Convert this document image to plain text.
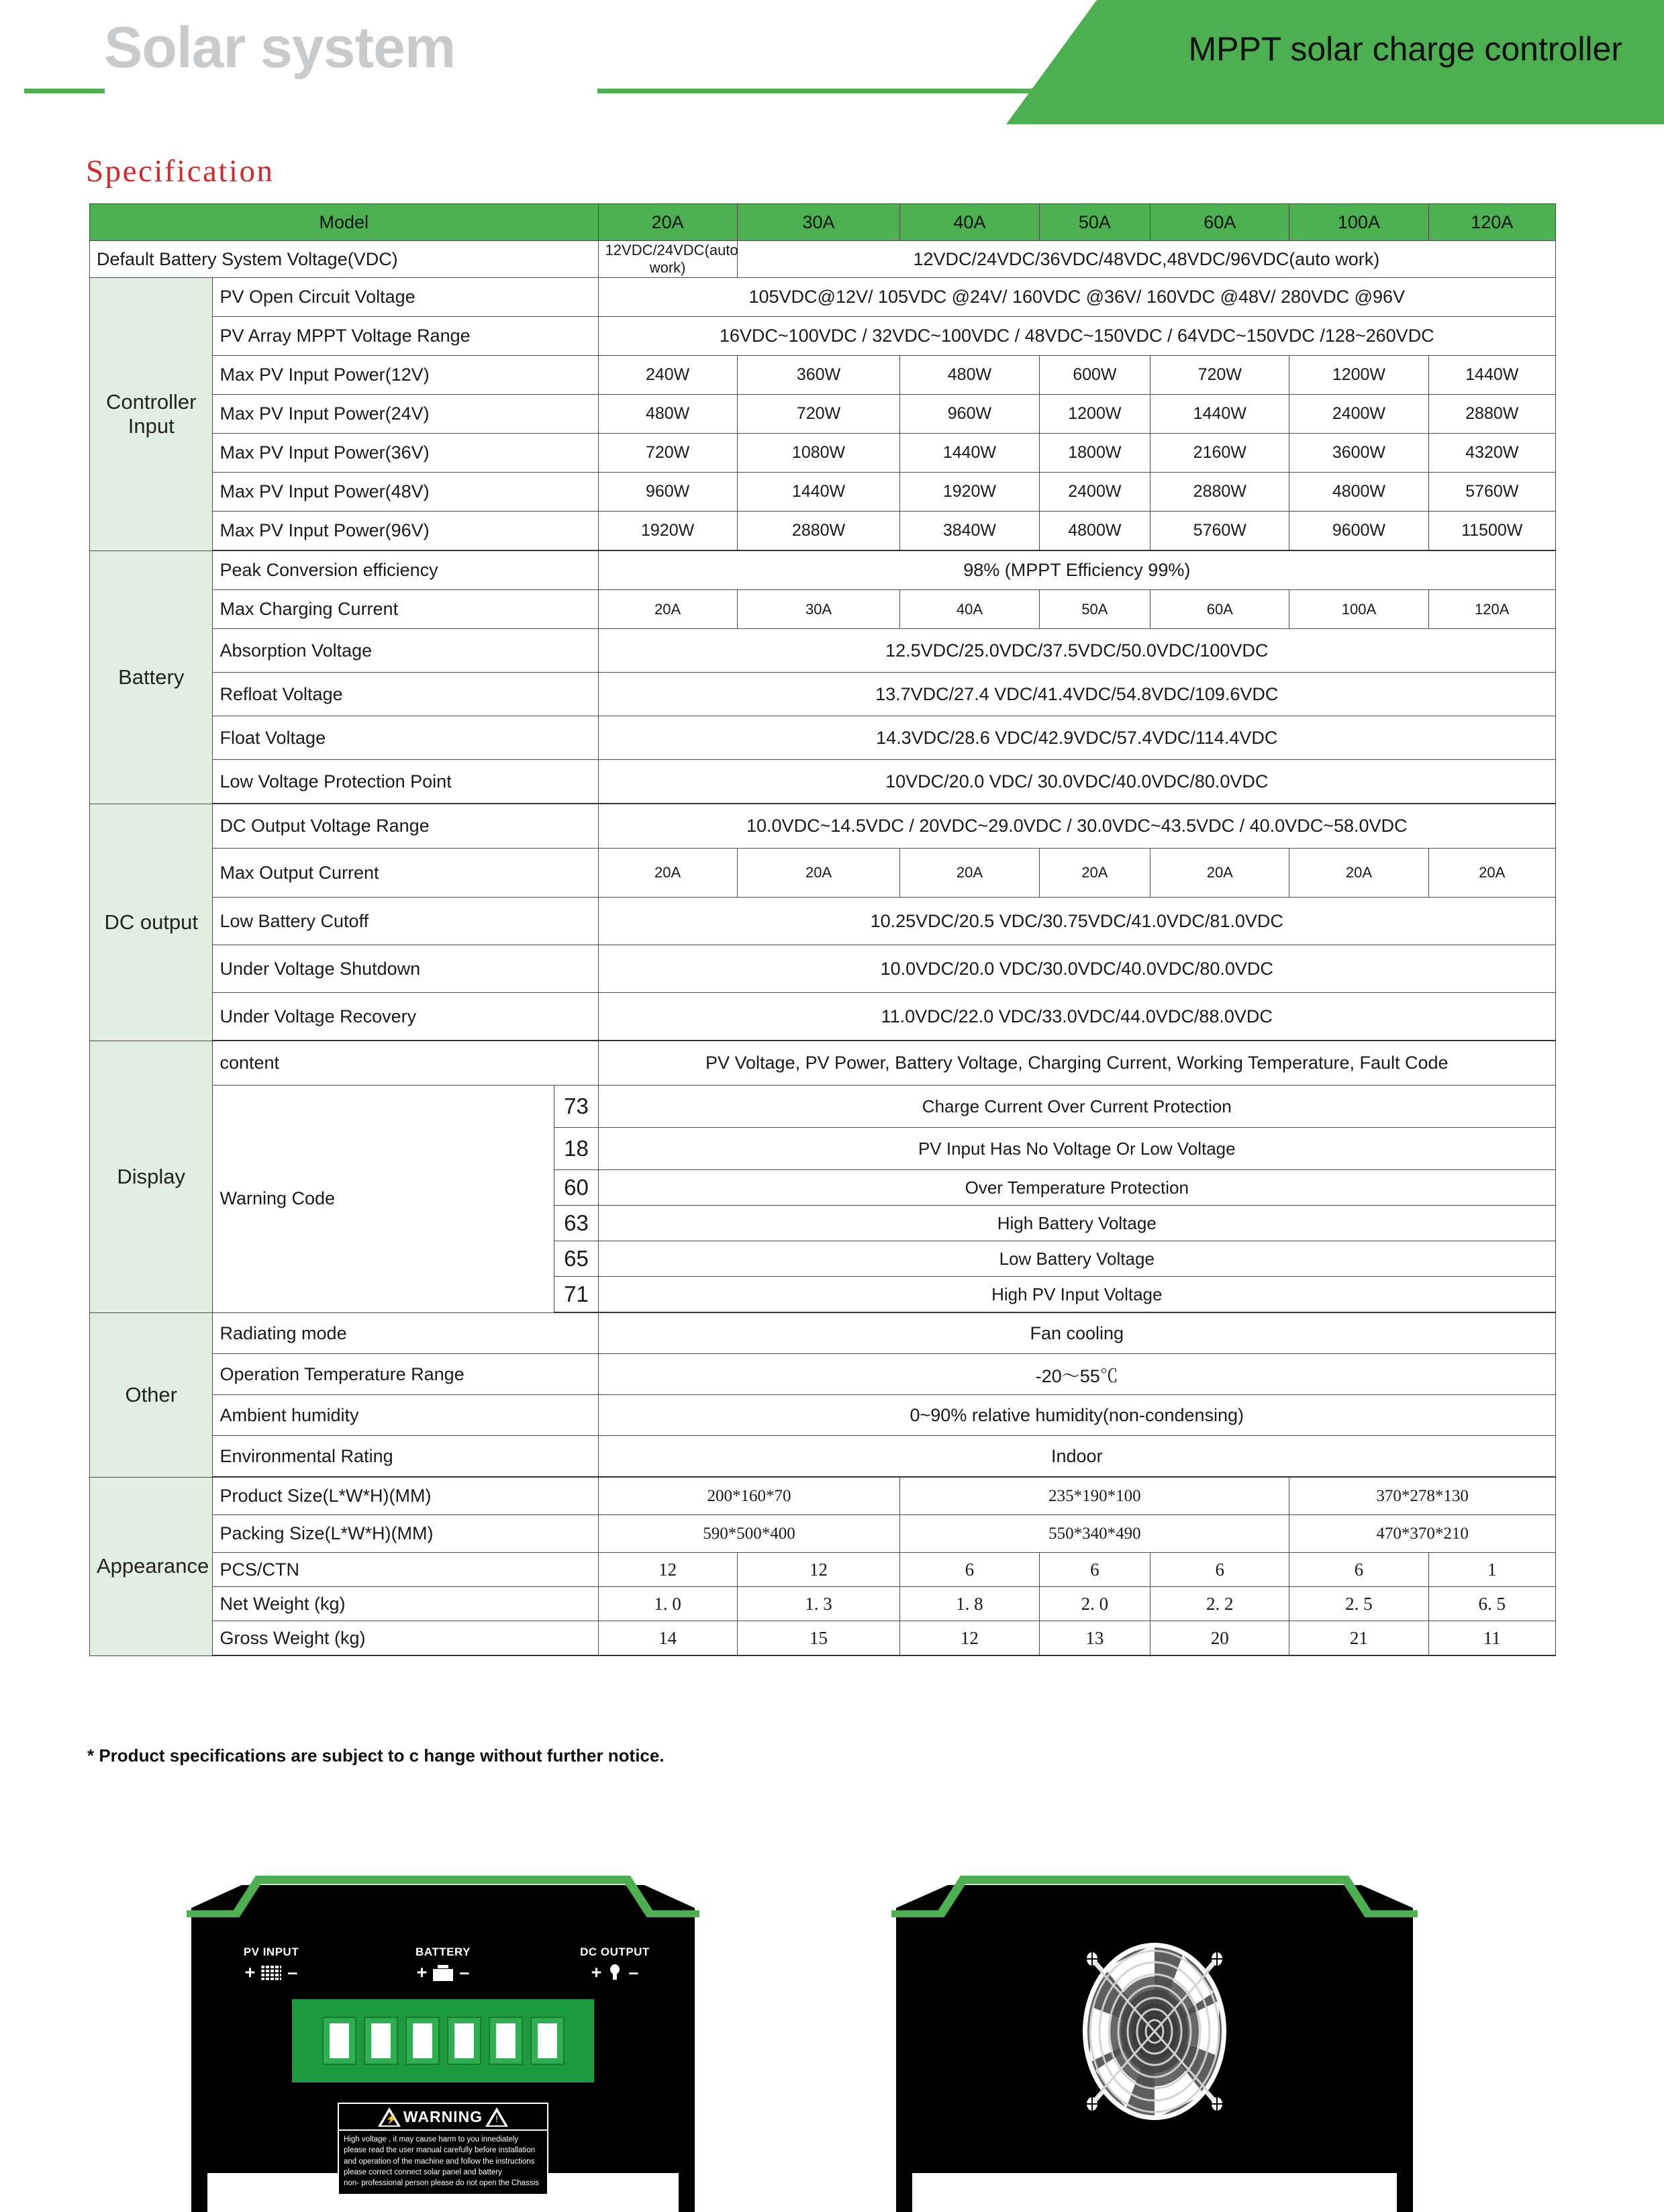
Solar system	MPPT solar charge controller
Specification
Model			20A	30A	40A	50A	60A	100A	120A
Default Battery System Voltage(VDC)			12VDC/24VDC(auto work)	12VDC/24VDC/36VDC/48VDC,48VDC/96VDC(auto work)					
Controller Input	PV Open Circuit Voltage		105VDC@12V/ 105VDC @24V/ 160VDC @36V/ 160VDC @48V/ 280VDC @96V						
	PV Array MPPT Voltage Range		16VDC~100VDC / 32VDC~100VDC / 48VDC~150VDC / 64VDC~150VDC /128~260VDC						
	Max PV Input Power(12V)		240W	360W	480W	600W	720W	1200W	1440W
	Max PV Input Power(24V)		480W	720W	960W	1200W	1440W	2400W	2880W
	Max PV Input Power(36V)		720W	1080W	1440W	1800W	2160W	3600W	4320W
	Max PV Input Power(48V)		960W	1440W	1920W	2400W	2880W	4800W	5760W
	Max PV Input Power(96V)		1920W	2880W	3840W	4800W	5760W	9600W	11500W
Battery	Peak Conversion efficiency		98% (MPPT Efficiency 99%)						
	Max Charging Current		20A	30A	40A	50A	60A	100A	120A
	Absorption Voltage		12.5VDC/25.0VDC/37.5VDC/50.0VDC/100VDC						
	Refloat Voltage		13.7VDC/27.4 VDC/41.4VDC/54.8VDC/109.6VDC						
	Float Voltage		14.3VDC/28.6 VDC/42.9VDC/57.4VDC/114.4VDC						
	Low Voltage Protection Point		10VDC/20.0 VDC/ 30.0VDC/40.0VDC/80.0VDC						
DC output	DC Output Voltage Range		10.0VDC~14.5VDC / 20VDC~29.0VDC / 30.0VDC~43.5VDC / 40.0VDC~58.0VDC						
	Max Output Current		20A	20A	20A	20A	20A	20A	20A
	Low Battery Cutoff		10.25VDC/20.5 VDC/30.75VDC/41.0VDC/81.0VDC						
	Under Voltage Shutdown		10.0VDC/20.0 VDC/30.0VDC/40.0VDC/80.0VDC						
	Under Voltage Recovery		11.0VDC/22.0 VDC/33.0VDC/44.0VDC/88.0VDC						
Display	content		PV Voltage, PV Power, Battery Voltage, Charging Current, Working Temperature, Fault Code						
	Warning Code	73	Charge Current Over Current Protection						
		18	PV Input Has No Voltage Or Low Voltage						
		60	Over Temperature Protection						
		63	High Battery Voltage						
		65	Low Battery Voltage						
		71	High PV Input Voltage						
Other	Radiating mode		Fan cooling						
	Operation Temperature Range		-20～55℃						
	Ambient humidity		0~90% relative humidity(non-condensing)						
	Environmental Rating		Indoor						
Appearance	Product Size(L*W*H)(MM)		200*160*70		235*190*100			370*278*130	
	Packing Size(L*W*H)(MM)		590*500*400		550*340*490			470*370*210	
	PCS/CTN		12	12	6	6	6	6	1
	Net Weight (kg)		1. 0	1. 3	1. 8	2. 0	2. 2	2. 5	6. 5
	Gross Weight (kg)		14	15	12	13	20	21	11
* Product specifications are subject to c hange without further notice.
PV INPUT
+ –
BATTERY
+ –
DC OUTPUT
+ –
⚡ WARNING !
High voltage , it may cause harm to you innediately
please read the user manual carefully before installation
and operation of the machine and follow the instructions
please correct connect solar panel and battery
non- professional person please do not open the Chassis
